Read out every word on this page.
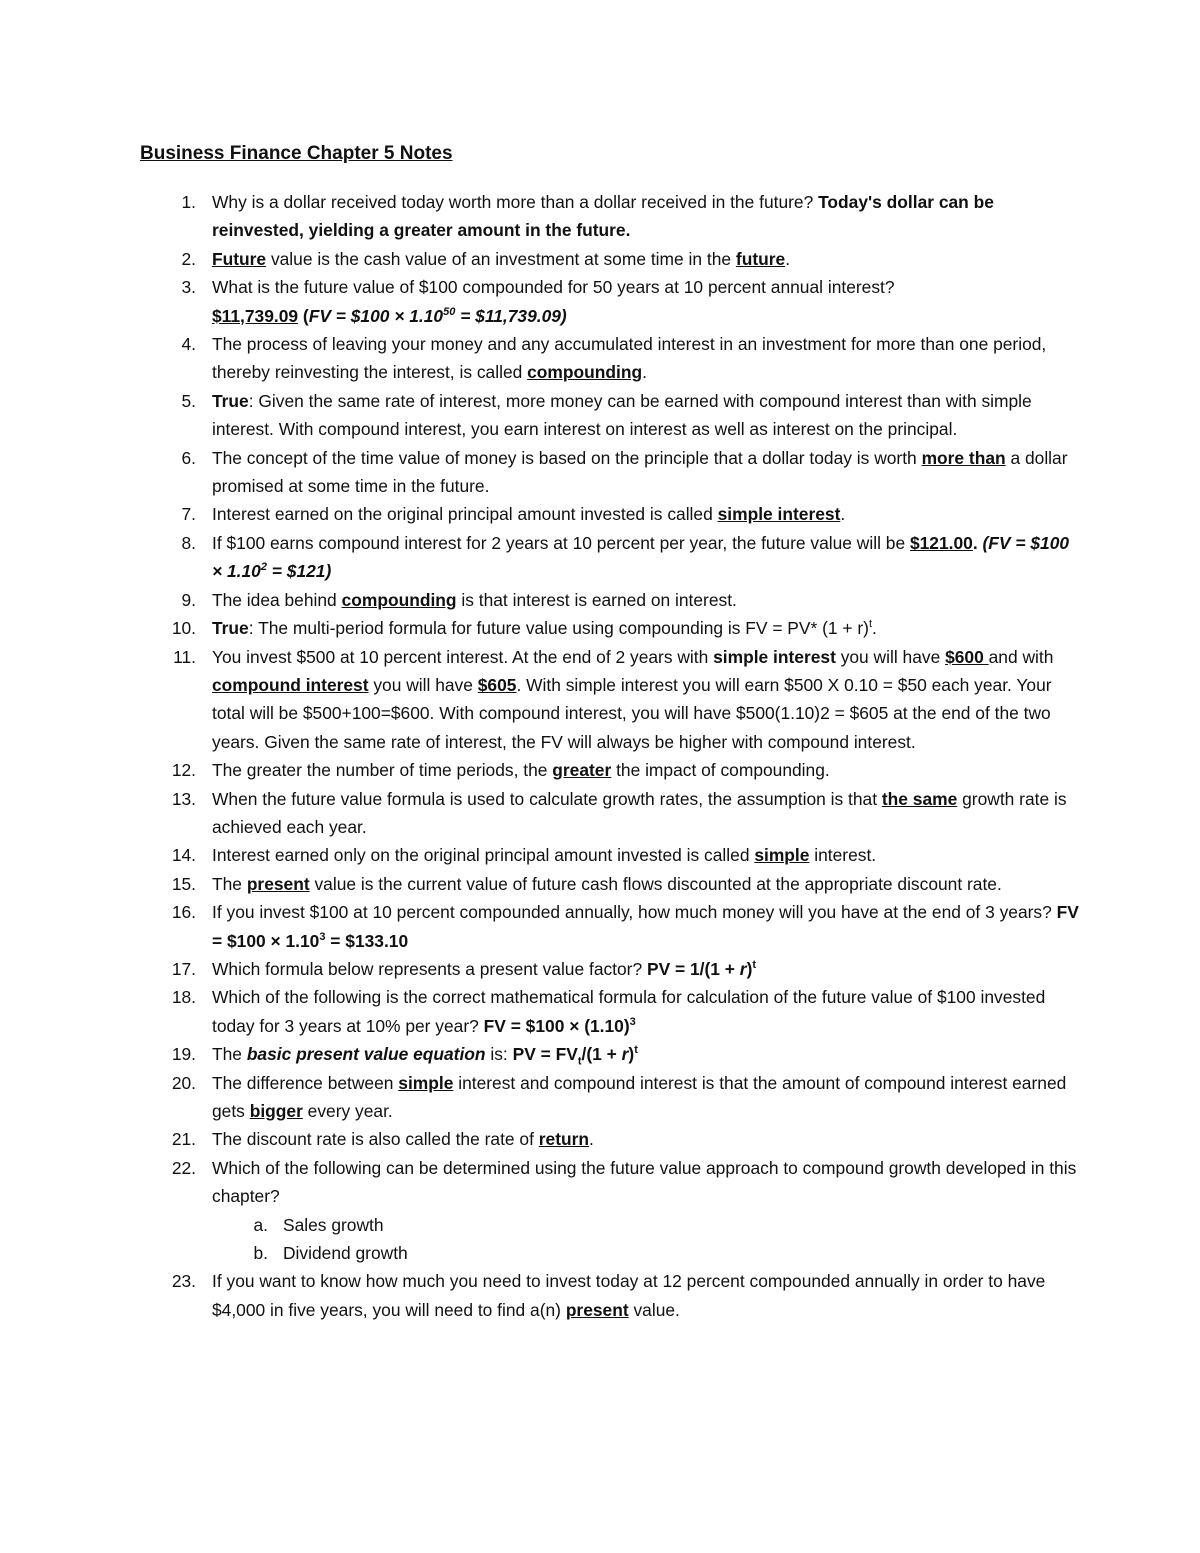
Business Finance Chapter 5 Notes
1. Why is a dollar received today worth more than a dollar received in the future? Today's dollar can be reinvested, yielding a greater amount in the future.
2. Future value is the cash value of an investment at some time in the future.
3. What is the future value of $100 compounded for 50 years at 10 percent annual interest?
$11,739.09 (FV = $100 × $1.10^{50}$ = $11,739.09)
4. The process of leaving your money and any accumulated interest in an investment for more than one period, thereby reinvesting the interest, is called compounding.
5. True: Given the same rate of interest, more money can be earned with compound interest than with simple interest. With compound interest, you earn interest on interest as well as interest on the principal.
6. The concept of the time value of money is based on the principle that a dollar today is worth more than a dollar promised at some time in the future.
7. Interest earned on the original principal amount invested is called simple interest.
8. If $100 earns compound interest for 2 years at 10 percent per year, the future value will be $121.00. (FV = $100 × $1.10^2$ = $121)
9. The idea behind compounding is that interest is earned on interest.
10. True: The multi-period formula for future value using compounding is FV = PV* $(1 + r)^t$.
11. You invest $500 at 10 percent interest. At the end of 2 years with simple interest you will have $600 and with compound interest you will have $605. With simple interest you will earn $500 X 0.10 = $50 each year. Your total will be $500+100=$600. With compound interest, you will have $500(1.10)2 = $605 at the end of the two years. Given the same rate of interest, the FV will always be higher with compound interest.
12. The greater the number of time periods, the greater the impact of compounding.
13. When the future value formula is used to calculate growth rates, the assumption is that the same growth rate is achieved each year.
14. Interest earned only on the original principal amount invested is called simple interest.
15. The present value is the current value of future cash flows discounted at the appropriate discount rate.
16. If you invest $100 at 10 percent compounded annually, how much money will you have at the end of 3 years? FV = $100 × $1.10^3$ = $133.10
17. Which formula below represents a present value factor? PV = $1/(1 + r)^t$
18. Which of the following is the correct mathematical formula for calculation of the future value of $100 invested today for 3 years at 10% per year? FV = $100 × $(1.10)^3$
19. The basic present value equation is: PV = $FV_t/(1 + r)^t$
20. The difference between simple interest and compound interest is that the amount of compound interest earned gets bigger every year.
21. The discount rate is also called the rate of return.
22. Which of the following can be determined using the future value approach to compound growth developed in this chapter?
a. Sales growth
b. Dividend growth
23. If you want to know how much you need to invest today at 12 percent compounded annually in order to have $4,000 in five years, you will need to find a(n) present value.
